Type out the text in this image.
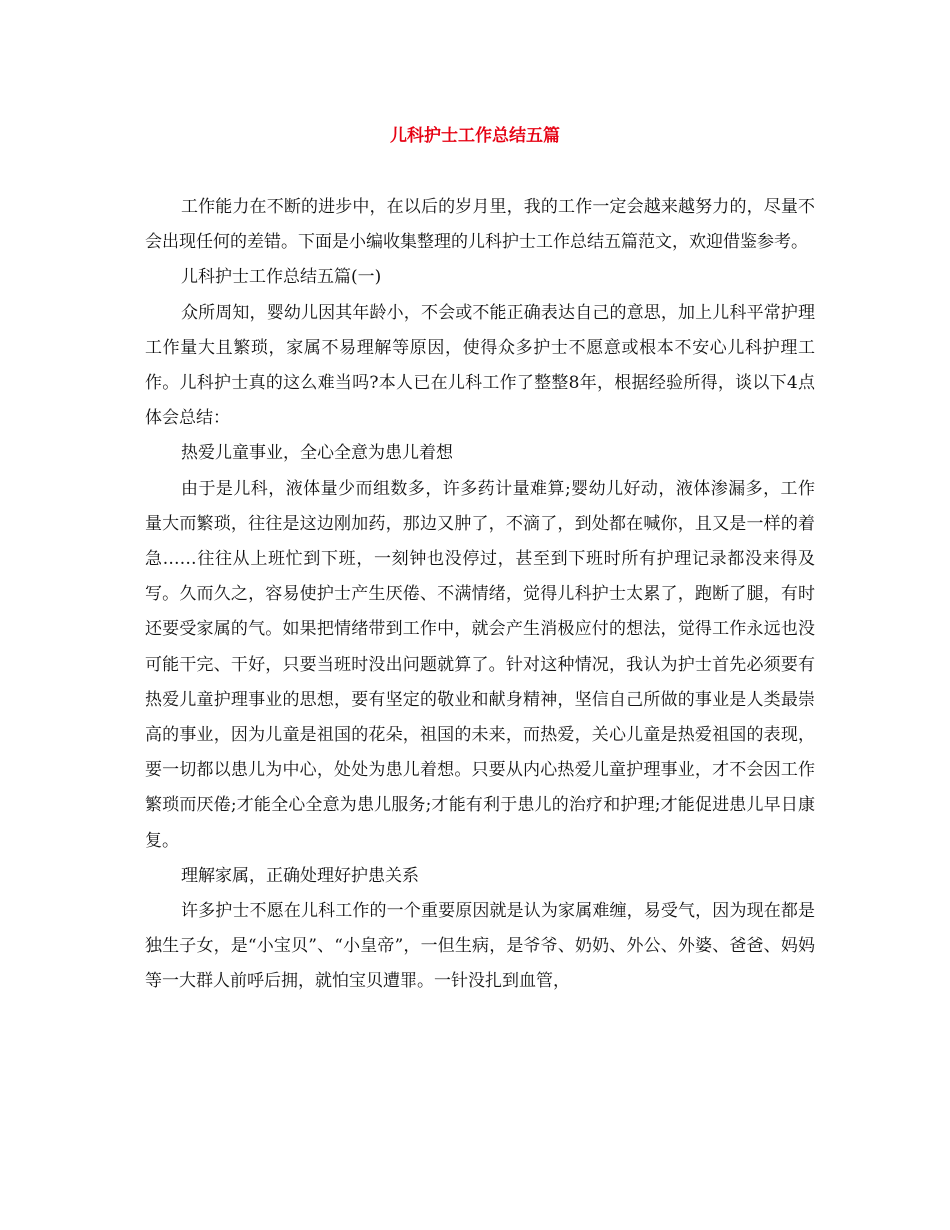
儿科护士工作总结五篇

工作能力在不断的进步中，在以后的岁月里，我的工作一定会越来越努力的，尽量不会出现任何的差错。下面是小编收集整理的儿科护士工作总结五篇范文，欢迎借鉴参考。

儿科护士工作总结五篇(一)

众所周知，婴幼儿因其年龄小，不会或不能正确表达自己的意思，加上儿科平常护理工作量大且繁琐，家属不易理解等原因，使得众多护士不愿意或根本不安心儿科护理工作。儿科护士真的这么难当吗?本人已在儿科工作了整整8年，根据经验所得，谈以下4点体会总结：

热爱儿童事业，全心全意为患儿着想

由于是儿科，液体量少而组数多，许多药计量难算;婴幼儿好动，液体渗漏多，工作量大而繁琐，往往是这边刚加药，那边又肿了，不滴了，到处都在喊你，且又是一样的着急……往往从上班忙到下班，一刻钟也没停过，甚至到下班时所有护理记录都没来得及写。久而久之，容易使护士产生厌倦、不满情绪，觉得儿科护士太累了，跑断了腿，有时还要受家属的气。如果把情绪带到工作中，就会产生消极应付的想法，觉得工作永远也没可能干完、干好，只要当班时没出问题就算了。针对这种情况，我认为护士首先必须要有热爱儿童护理事业的思想，要有坚定的敬业和献身精神，坚信自己所做的事业是人类最崇高的事业，因为儿童是祖国的花朵，祖国的未来，而热爱，关心儿童是热爱祖国的表现，要一切都以患儿为中心，处处为患儿着想。只要从内心热爱儿童护理事业，才不会因工作繁琐而厌倦;才能全心全意为患儿服务;才能有利于患儿的治疗和护理;才能促进患儿早日康复。

理解家属，正确处理好护患关系

许多护士不愿在儿科工作的一个重要原因就是认为家属难缠，易受气，因为现在都是独生子女，是“小宝贝”、“小皇帝”，一但生病，是爷爷、奶奶、外公、外婆、爸爸、妈妈等一大群人前呼后拥，就怕宝贝遭罪。一针没扎到血管，
